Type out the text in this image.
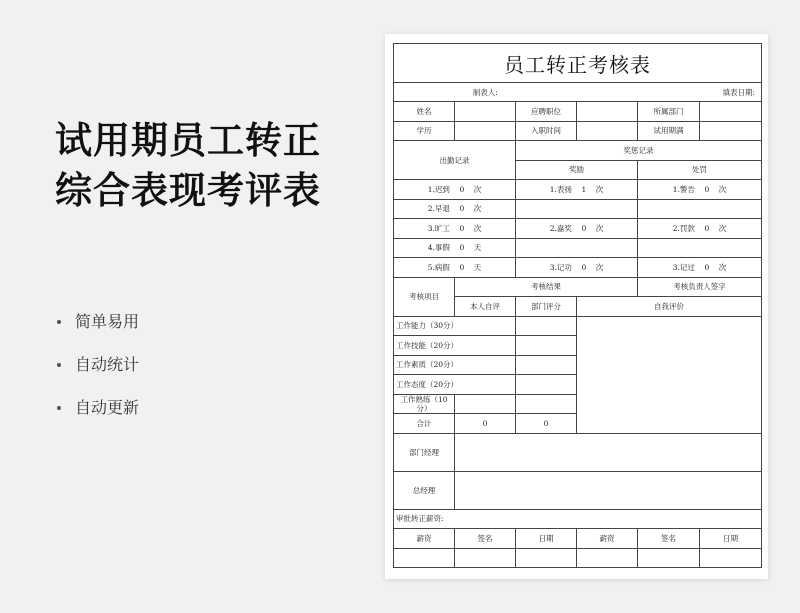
试用期员工转正
综合表现考评表
简单易用
自动统计
自动更新
员工转正考核表					
制表人:			填表日期:		
姓名		应聘职位		所属部门	
学历		入职时间		试用期满	
出勤记录		奖惩记录			
		奖励		处罚	
1.迟到 0 次		1.表扬 1 次		1.警告 0 次	
2.早退 0 次					
3.旷工 0 次		2.嘉奖 0 次		2.罚款 0 次	
4.事假 0 天					
5.病假 0 天		3.记功 0 次		3.记过 0 次	
考核项目	考核结果			考核负责人签字	
	本人自评	部门评分	自我评价		
工作能力（30分）					
工作技能（20分）					
工作素质（20分）					
工作态度（20分）					
工作熟练（10分）					
合计	0	0			
部门经理					
总经理					
审批转正薪资:					
薪资	签名	日期	薪资	签名	日期
